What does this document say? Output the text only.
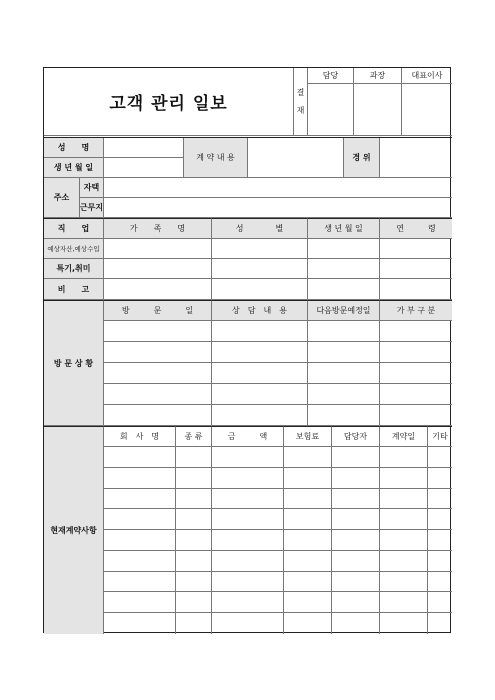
고객 관리 일보
결
재
담당	과장	대표이사
성　　명
생 년 월 일
계 약 내 용	경 위
주소
자택
근무지
직　　업	가　　족　　명	성　　　　별	생 년 월 일	연　　　령
예상자산,예상수입
특기,취미
비　　고
방 문 상 황
방　　　문　　　일	상　담　내　용	다음방문예정일	가 부 구 분
현재계약사항
회　사　명	종 류	금　　　액	보험료	담당자	계약일	기타
